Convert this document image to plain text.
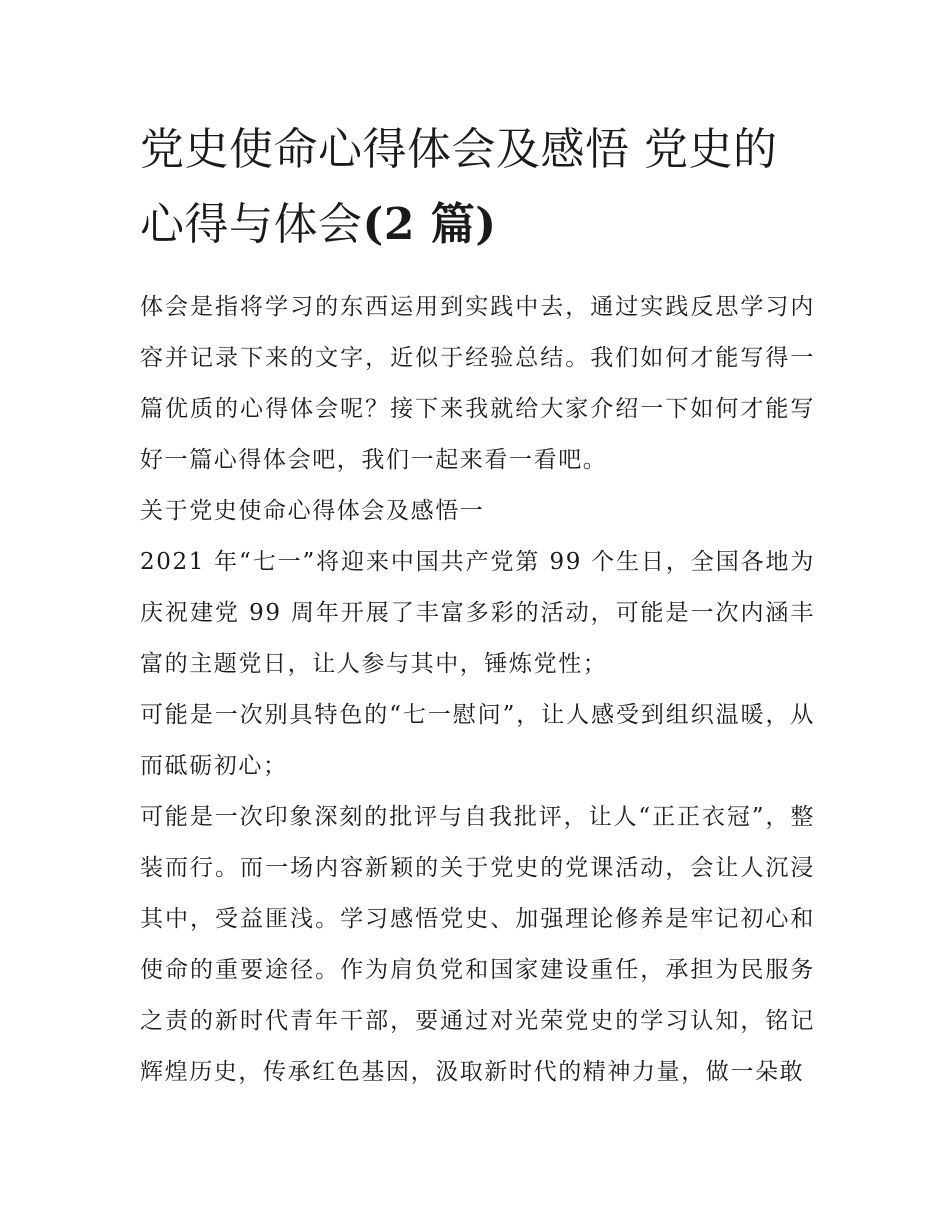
党史使命心得体会及感悟 党史的心得与体会(2 篇)

体会是指将学习的东西运用到实践中去，通过实践反思学习内容并记录下来的文字，近似于经验总结。我们如何才能写得一篇优质的心得体会呢？接下来我就给大家介绍一下如何才能写好一篇心得体会吧，我们一起来看一看吧。

关于党史使命心得体会及感悟一

2021 年“七一”将迎来中国共产党第 99 个生日，全国各地为庆祝建党 99 周年开展了丰富多彩的活动，可能是一次内涵丰富的主题党日，让人参与其中，锤炼党性；

可能是一次别具特色的“七一慰问”，让人感受到组织温暖，从而砥砺初心；

可能是一次印象深刻的批评与自我批评，让人“正正衣冠”，整装而行。而一场内容新颖的关于党史的党课活动，会让人沉浸其中，受益匪浅。学习感悟党史、加强理论修养是牢记初心和使命的重要途径。作为肩负党和国家建设重任，承担为民服务之责的新时代青年干部，要通过对光荣党史的学习认知，铭记辉煌历史，传承红色基因，汲取新时代的精神力量，做一朵敢
